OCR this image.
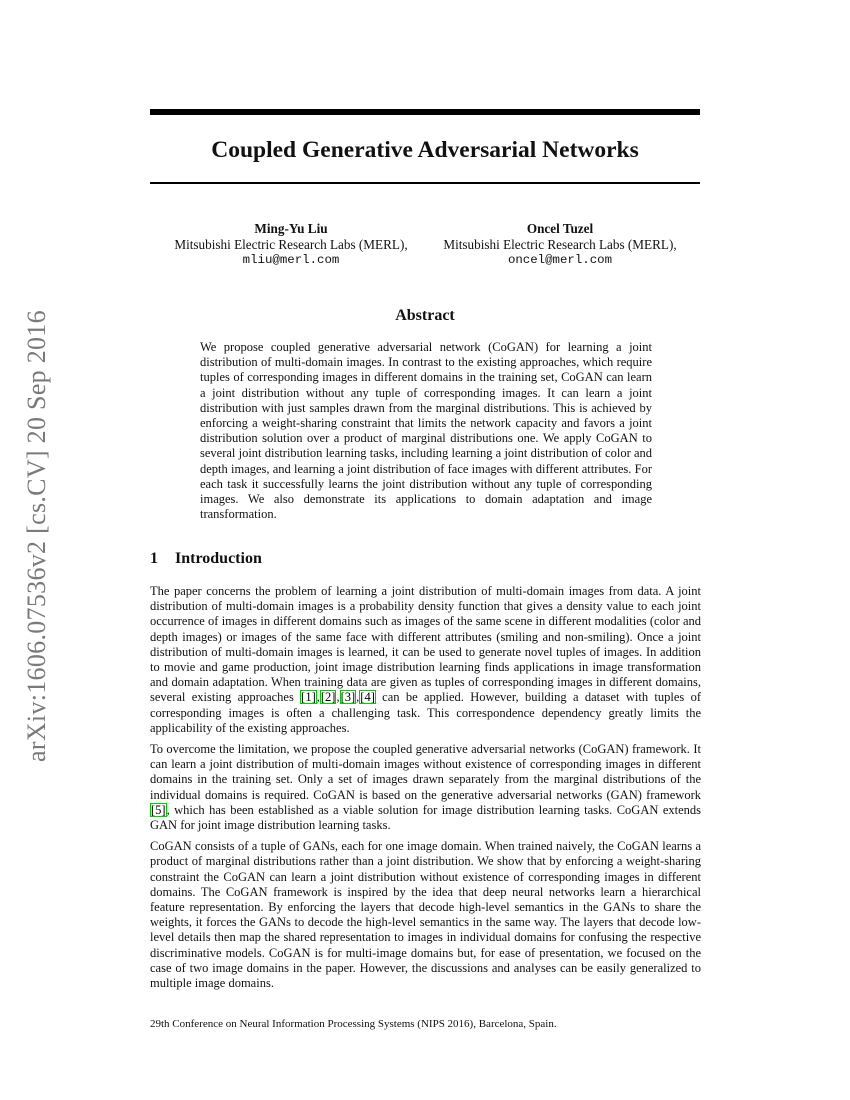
arXiv:1606.07536v2 [cs.CV] 20 Sep 2016
Coupled Generative Adversarial Networks
Ming-Yu Liu
Mitsubishi Electric Research Labs (MERL),
mliu@merl.com
Oncel Tuzel
Mitsubishi Electric Research Labs (MERL),
oncel@merl.com
Abstract

We propose coupled generative adversarial network (CoGAN) for learning a joint distribution of multi-domain images. In contrast to the existing approaches, which require tuples of corresponding images in different domains in the training set, CoGAN can learn a joint distribution without any tuple of corresponding images. It can learn a joint distribution with just samples drawn from the marginal distributions. This is achieved by enforcing a weight-sharing constraint that limits the network capacity and favors a joint distribution solution over a product of marginal distributions one. We apply CoGAN to several joint distribution learning tasks, including learning a joint distribution of color and depth images, and learning a joint distribution of face images with different attributes. For each task it successfully learns the joint distribution without any tuple of corresponding images. We also demonstrate its applications to domain adaptation and image transformation.

1 Introduction

The paper concerns the problem of learning a joint distribution of multi-domain images from data. A joint distribution of multi-domain images is a probability density function that gives a density value to each joint occurrence of images in different domains such as images of the same scene in different modalities (color and depth images) or images of the same face with different attributes (smiling and non-smiling). Once a joint distribution of multi-domain images is learned, it can be used to generate novel tuples of images. In addition to movie and game production, joint image distribution learning finds applications in image transformation and domain adaptation. When training data are given as tuples of corresponding images in different domains, several existing approaches [1],[2],[3],[4] can be applied. However, building a dataset with tuples of corresponding images is often a challenging task. This correspondence dependency greatly limits the applicability of the existing approaches.

To overcome the limitation, we propose the coupled generative adversarial networks (CoGAN) framework. It can learn a joint distribution of multi-domain images without existence of corresponding images in different domains in the training set. Only a set of images drawn separately from the marginal distributions of the individual domains is required. CoGAN is based on the generative adversarial networks (GAN) framework [5], which has been established as a viable solution for image distribution learning tasks. CoGAN extends GAN for joint image distribution learning tasks.

CoGAN consists of a tuple of GANs, each for one image domain. When trained naively, the CoGAN learns a product of marginal distributions rather than a joint distribution. We show that by enforcing a weight-sharing constraint the CoGAN can learn a joint distribution without existence of corresponding images in different domains. The CoGAN framework is inspired by the idea that deep neural networks learn a hierarchical feature representation. By enforcing the layers that decode high-level semantics in the GANs to share the weights, it forces the GANs to decode the high-level semantics in the same way. The layers that decode low-level details then map the shared representation to images in individual domains for confusing the respective discriminative models. CoGAN is for multi-image domains but, for ease of presentation, we focused on the case of two image domains in the paper. However, the discussions and analyses can be easily generalized to multiple image domains.

29th Conference on Neural Information Processing Systems (NIPS 2016), Barcelona, Spain.
